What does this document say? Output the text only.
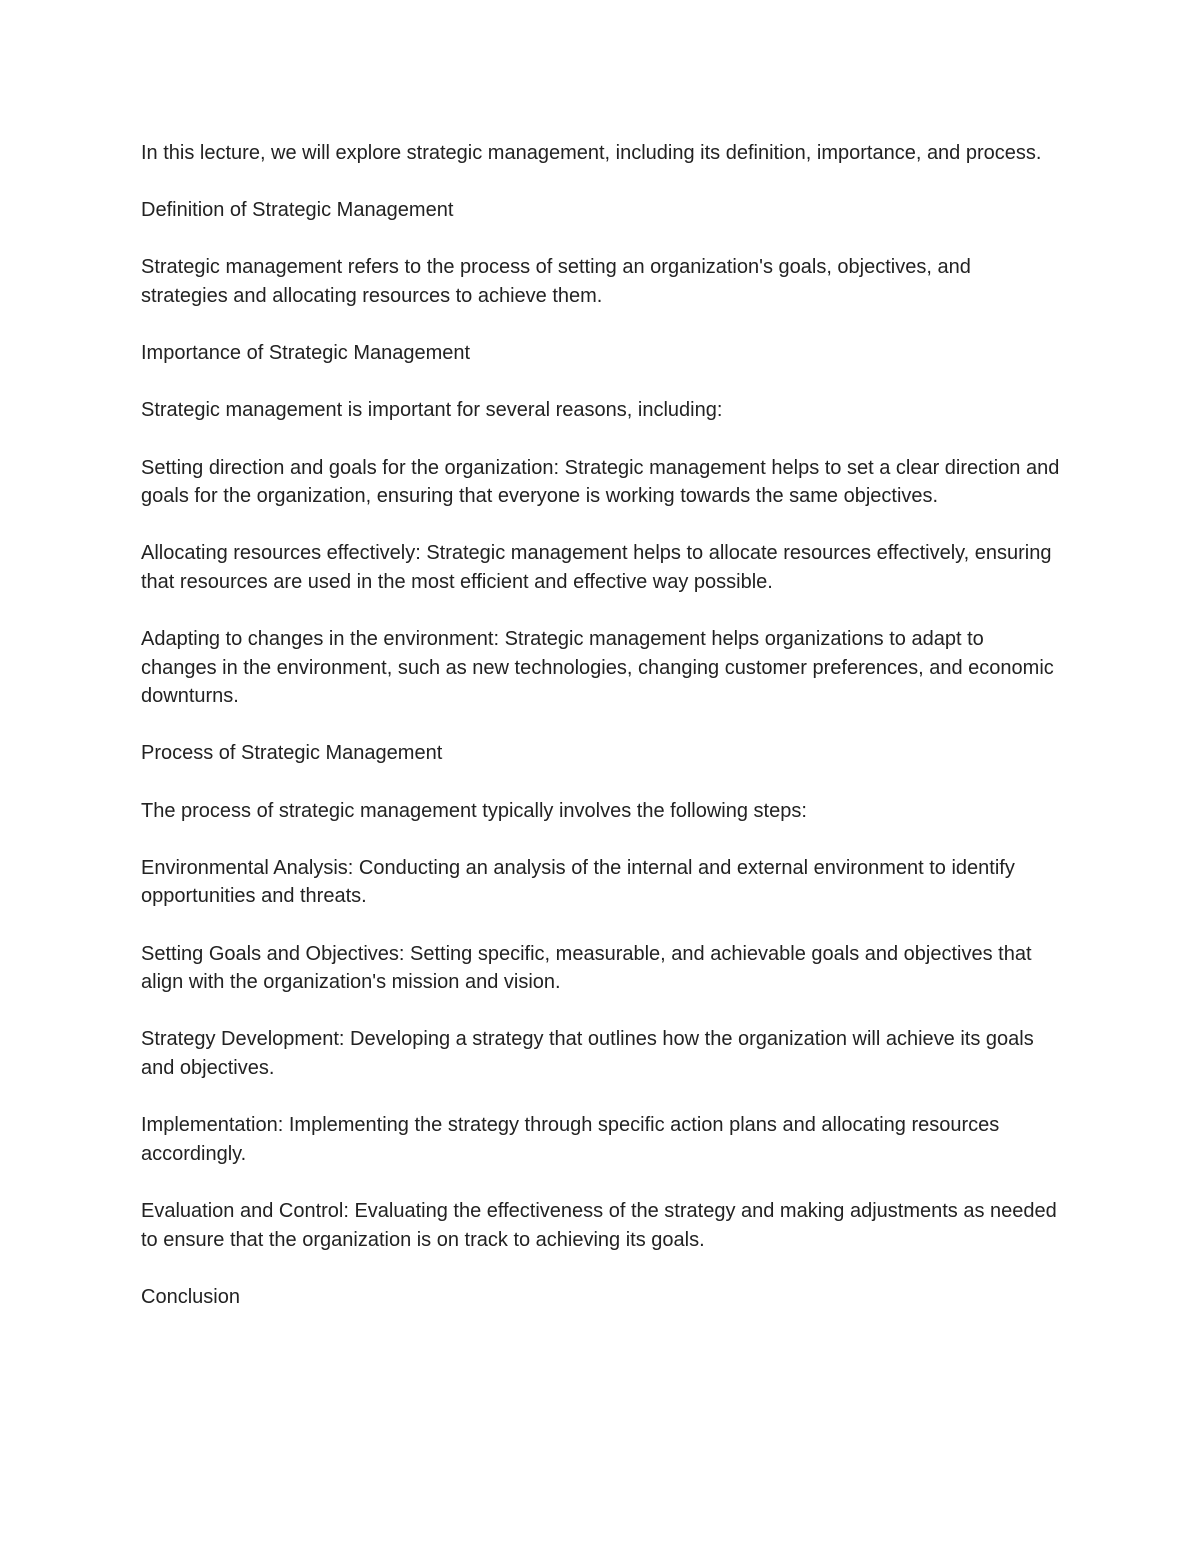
In this lecture, we will explore strategic management, including its definition, importance, and process.

Definition of Strategic Management

Strategic management refers to the process of setting an organization's goals, objectives, and strategies and allocating resources to achieve them.

Importance of Strategic Management

Strategic management is important for several reasons, including:

Setting direction and goals for the organization: Strategic management helps to set a clear direction and goals for the organization, ensuring that everyone is working towards the same objectives.

Allocating resources effectively: Strategic management helps to allocate resources effectively, ensuring that resources are used in the most efficient and effective way possible.

Adapting to changes in the environment: Strategic management helps organizations to adapt to changes in the environment, such as new technologies, changing customer preferences, and economic downturns.

Process of Strategic Management

The process of strategic management typically involves the following steps:

Environmental Analysis: Conducting an analysis of the internal and external environment to identify opportunities and threats.

Setting Goals and Objectives: Setting specific, measurable, and achievable goals and objectives that align with the organization's mission and vision.

Strategy Development: Developing a strategy that outlines how the organization will achieve its goals and objectives.

Implementation: Implementing the strategy through specific action plans and allocating resources accordingly.

Evaluation and Control: Evaluating the effectiveness of the strategy and making adjustments as needed to ensure that the organization is on track to achieving its goals.

Conclusion
